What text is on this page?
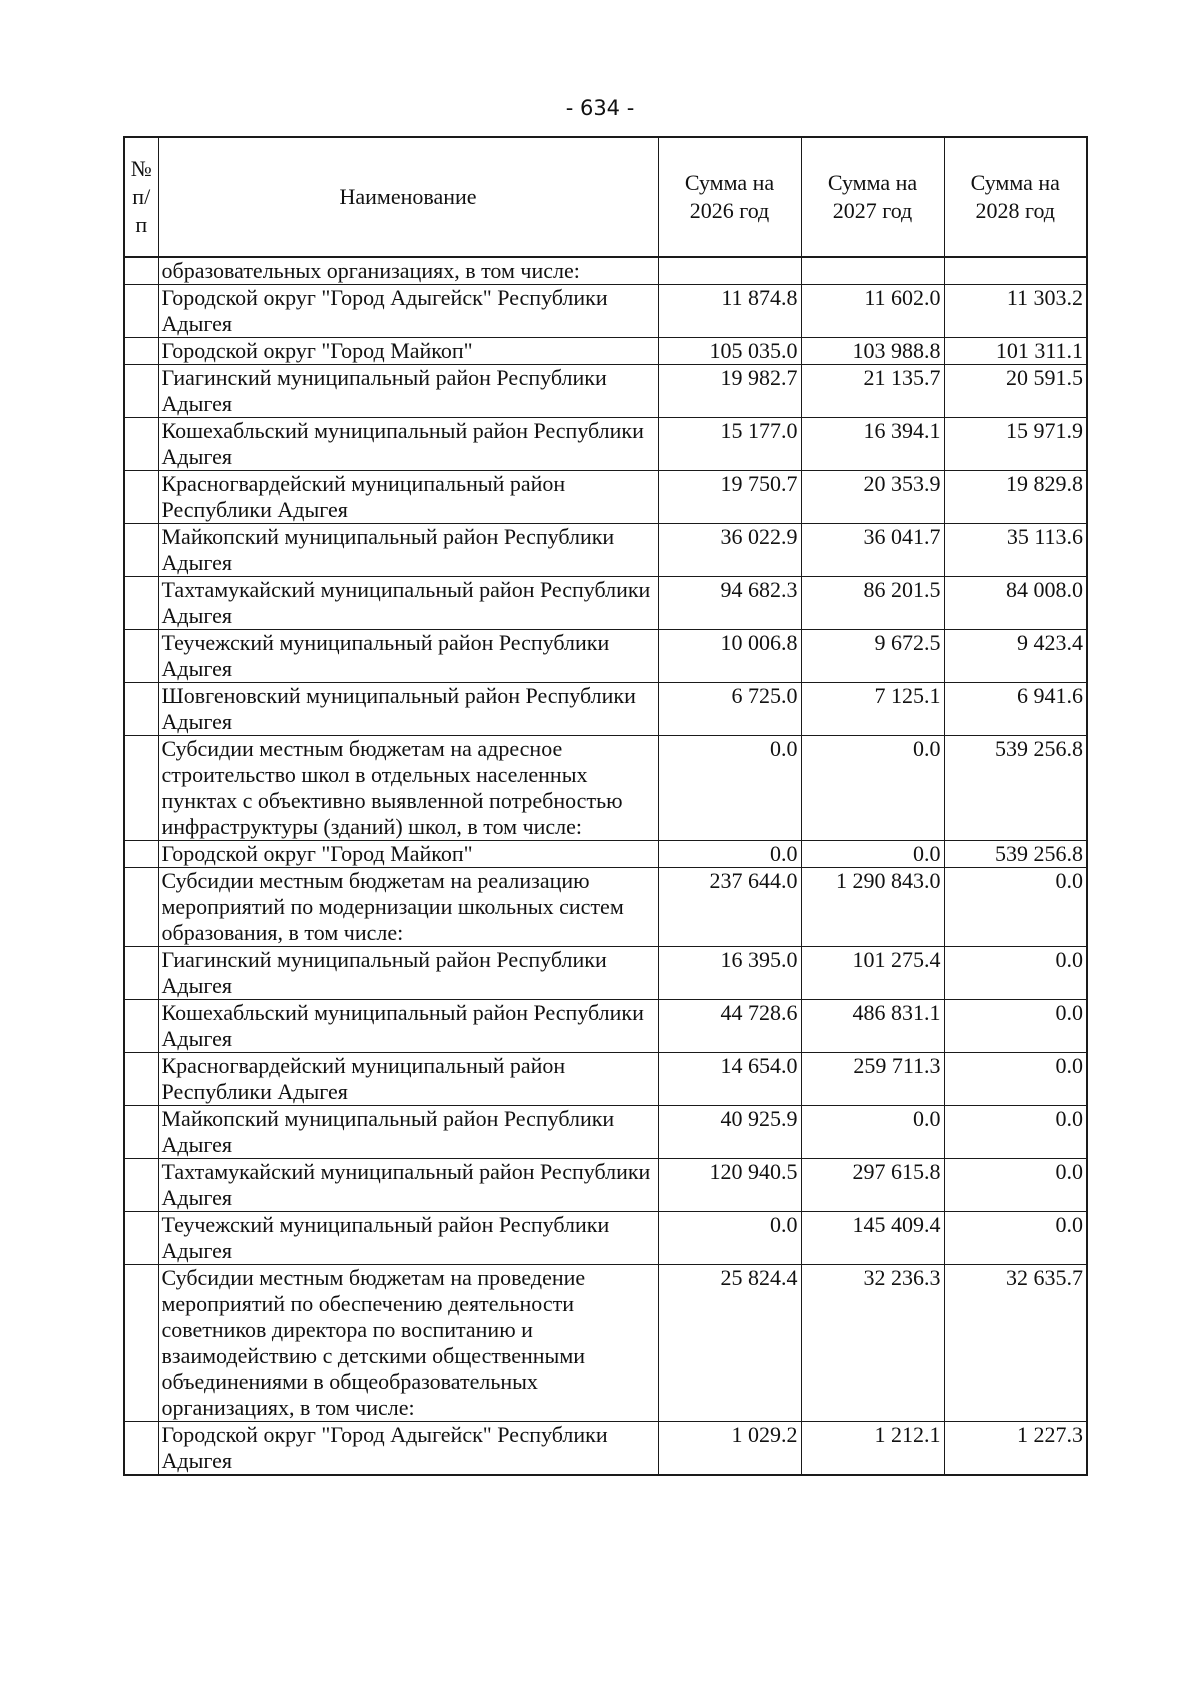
- 634 -
№ п/п	Наименование	Сумма на 2026 год	Сумма на 2027 год	Сумма на 2028 год
	образовательных организациях, в том числе:			
	Городской округ "Город Адыгейск" Республики Адыгея	11 874.8	11 602.0	11 303.2
	Городской округ "Город Майкоп"	105 035.0	103 988.8	101 311.1
	Гиагинский муниципальный район Республики Адыгея	19 982.7	21 135.7	20 591.5
	Кошехабльский муниципальный район Республики Адыгея	15 177.0	16 394.1	15 971.9
	Красногвардейский муниципальный район Республики Адыгея	19 750.7	20 353.9	19 829.8
	Майкопский муниципальный район Республики Адыгея	36 022.9	36 041.7	35 113.6
	Тахтамукайский муниципальный район Республики Адыгея	94 682.3	86 201.5	84 008.0
	Теучежский муниципальный район Республики Адыгея	10 006.8	9 672.5	9 423.4
	Шовгеновский муниципальный район Республики Адыгея	6 725.0	7 125.1	6 941.6
	Субсидии местным бюджетам на адресное строительство школ в отдельных населенных пунктах с объективно выявленной потребностью инфраструктуры (зданий) школ, в том числе:	0.0	0.0	539 256.8
	Городской округ "Город Майкоп"	0.0	0.0	539 256.8
	Субсидии местным бюджетам на реализацию мероприятий по модернизации школьных систем образования, в том числе:	237 644.0	1 290 843.0	0.0
	Гиагинский муниципальный район Республики Адыгея	16 395.0	101 275.4	0.0
	Кошехабльский муниципальный район Республики Адыгея	44 728.6	486 831.1	0.0
	Красногвардейский муниципальный район Республики Адыгея	14 654.0	259 711.3	0.0
	Майкопский муниципальный район Республики Адыгея	40 925.9	0.0	0.0
	Тахтамукайский муниципальный район Республики Адыгея	120 940.5	297 615.8	0.0
	Теучежский муниципальный район Республики Адыгея	0.0	145 409.4	0.0
	Субсидии местным бюджетам на проведение мероприятий по обеспечению деятельности советников директора по воспитанию и взаимодействию с детскими общественными объединениями в общеобразовательных организациях, в том числе:	25 824.4	32 236.3	32 635.7
	Городской округ "Город Адыгейск" Республики Адыгея	1 029.2	1 212.1	1 227.3
